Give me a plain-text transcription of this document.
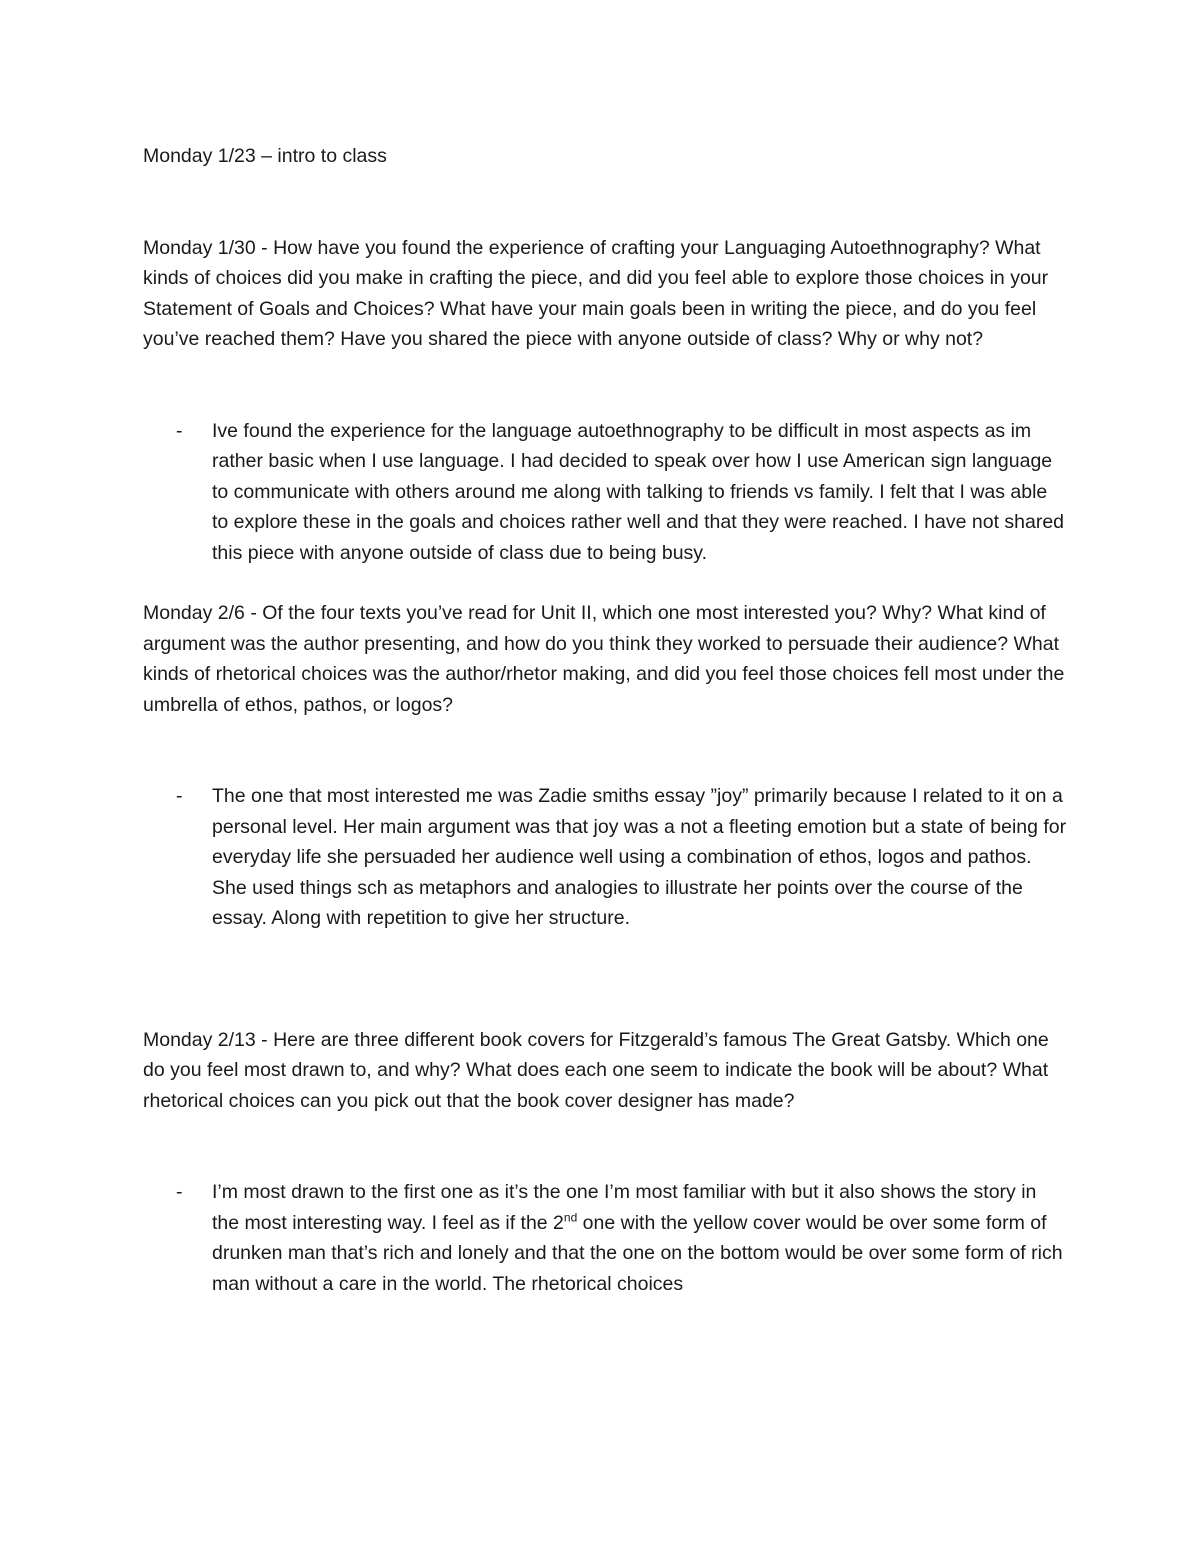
Monday 1/23 – intro to class

Monday 1/30 - How have you found the experience of crafting your Languaging Autoethnography? What kinds of choices did you make in crafting the piece, and did you feel able to explore those choices in your Statement of Goals and Choices? What have your main goals been in writing the piece, and do you feel you’ve reached them? Have you shared the piece with anyone outside of class? Why or why not?

- Ive found the experience for the language autoethnography to be difficult in most aspects as im rather basic when I use language. I had decided to speak over how I use American sign language to communicate with others around me along with talking to friends vs family. I felt that I was able to explore these in the goals and choices rather well and that they were reached. I have not shared this piece with anyone outside of class due to being busy.

Monday 2/6 - Of the four texts you’ve read for Unit II, which one most interested you? Why? What kind of argument was the author presenting, and how do you think they worked to persuade their audience? What kinds of rhetorical choices was the author/rhetor making, and did you feel those choices fell most under the umbrella of ethos, pathos, or logos?

- The one that most interested me was Zadie smiths essay ”joy” primarily because I related to it on a personal level. Her main argument was that joy was a not a fleeting emotion but a state of being for everyday life she persuaded her audience well using a combination of ethos, logos and pathos. She used things sch as metaphors and analogies to illustrate her points over the course of the essay. Along with repetition to give her structure.

Monday 2/13 - Here are three different book covers for Fitzgerald’s famous The Great Gatsby. Which one do you feel most drawn to, and why? What does each one seem to indicate the book will be about? What rhetorical choices can you pick out that the book cover designer has made?

- I’m most drawn to the first one as it’s the one I’m most familiar with but it also shows the story in the most interesting way. I feel as if the 2nd one with the yellow cover would be over some form of drunken man that’s rich and lonely and that the one on the bottom would be over some form of rich man without a care in the world. The rhetorical choices
